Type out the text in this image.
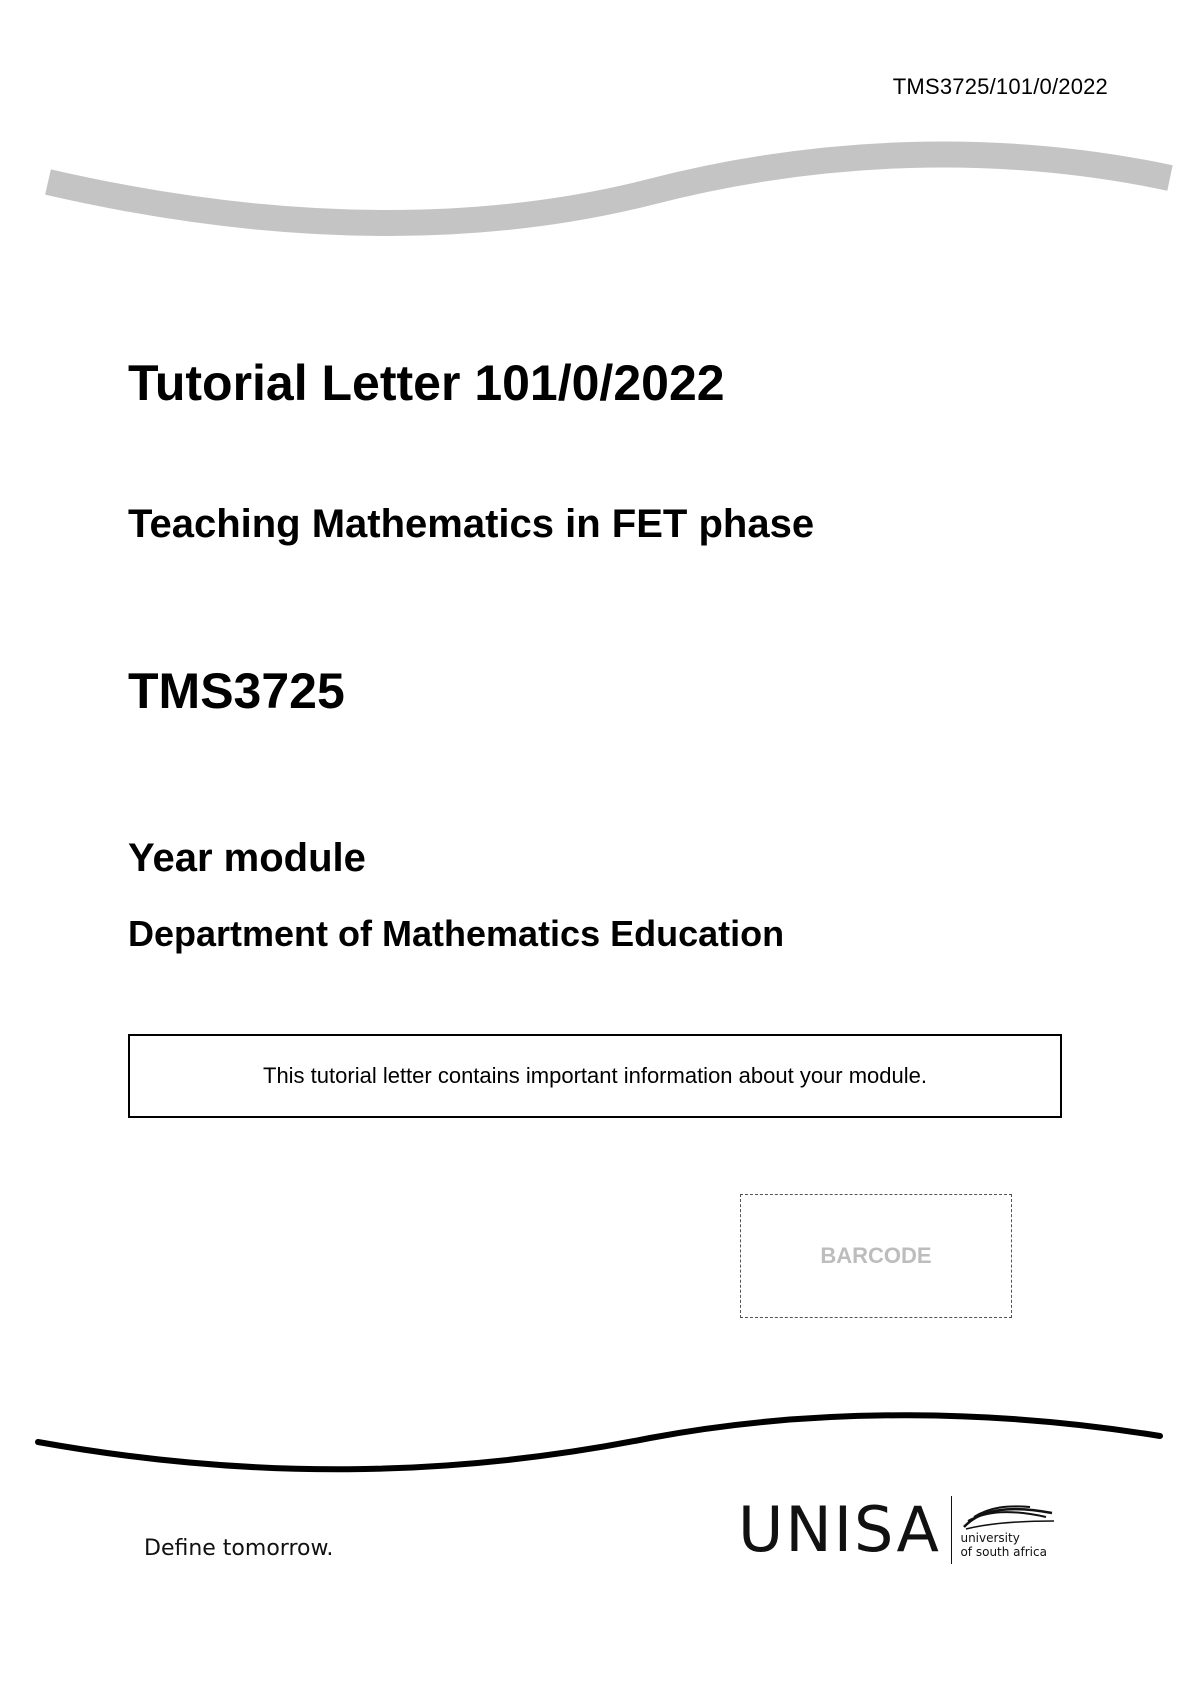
TMS3725/101/0/2022
Tutorial Letter 101/0/2022
Teaching Mathematics in FET phase
TMS3725
Year module
Department of Mathematics Education
This tutorial letter contains important information about your module.
BARCODE
Define tomorrow.	UNISA university
of south africa
